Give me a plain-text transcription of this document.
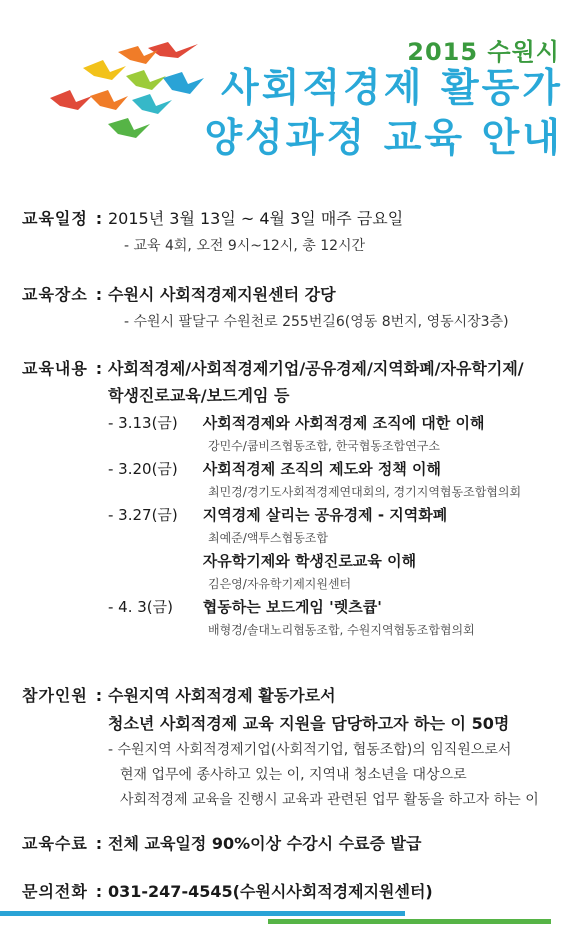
2015 수원시
사회적경제 활동가
양성과정 교육 안내
교육일정 : 2015년 3월 13일 ~ 4월 3일 매주 금요일
- 교육 4회, 오전 9시~12시, 총 12시간
교육장소 : 수원시 사회적경제지원센터 강당
- 수원시 팔달구 수원천로 255번길6(영동 8번지, 영동시장3층)
교육내용 : 사회적경제/사회적경제기업/공유경제/지역화폐/자유학기제/
학생진로교육/보드게임 등
- 3.13(금) 사회적경제와 사회적경제 조직에 대한 이해
강민수/쿱비즈협동조합, 한국협동조합연구소
- 3.20(금) 사회적경제 조직의 제도와 정책 이해
최민경/경기도사회적경제연대회의, 경기지역협동조합협의회
- 3.27(금) 지역경제 살리는 공유경제 - 지역화폐
최예준/액투스협동조합
자유학기제와 학생진로교육 이해
김은영/자유학기제지원센터
- 4. 3(금) 협동하는 보드게임 '렛츠큡'
배형경/솔대노리협동조합, 수원지역협동조합협의회
참가인원 : 수원지역 사회적경제 활동가로서
청소년 사회적경제 교육 지원을 담당하고자 하는 이 50명
- 수원지역 사회적경제기업(사회적기업, 협동조합)의 임직원으로서
현재 업무에 종사하고 있는 이, 지역내 청소년을 대상으로
사회적경제 교육을 진행시 교육과 관련된 업무 활동을 하고자 하는 이
교육수료 : 전체 교육일정 90%이상 수강시 수료증 발급
문의전화 : 031-247-4545(수원시사회적경제지원센터)
